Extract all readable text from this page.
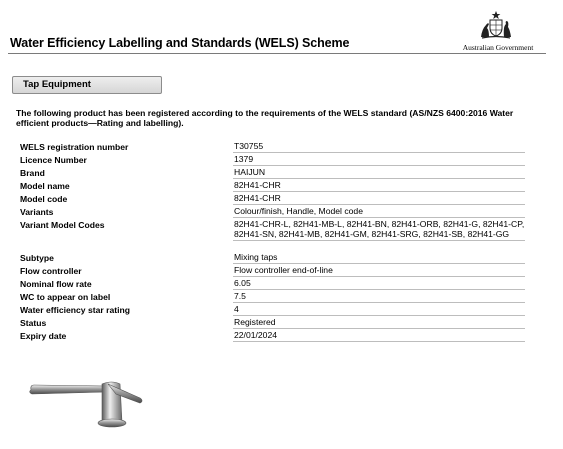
Water Efficiency Labelling and Standards (WELS) Scheme	Australian Government
Tap Equipment
The following product has been registered according to the requirements of the WELS standard (AS/NZS 6400:2016 Water efficient products—Rating and labelling).
WELS registration number	T30755
Licence Number	1379
Brand	HAIJUN
Model name	82H41-CHR
Model code	82H41-CHR
Variants	Colour/finish, Handle, Model code
Variant Model Codes	82H41-CHR-L, 82H41-MB-L, 82H41-BN, 82H41-ORB, 82H41-G, 82H41-CP, 82H41-SN, 82H41-MB, 82H41-GM, 82H41-SRG, 82H41-SB, 82H41-GG
Subtype	Mixing taps
Flow controller	Flow controller end-of-line
Nominal flow rate	6.05
WC to appear on label	7.5
Water efficiency star rating	4
Status	Registered
Expiry date	22/01/2024
